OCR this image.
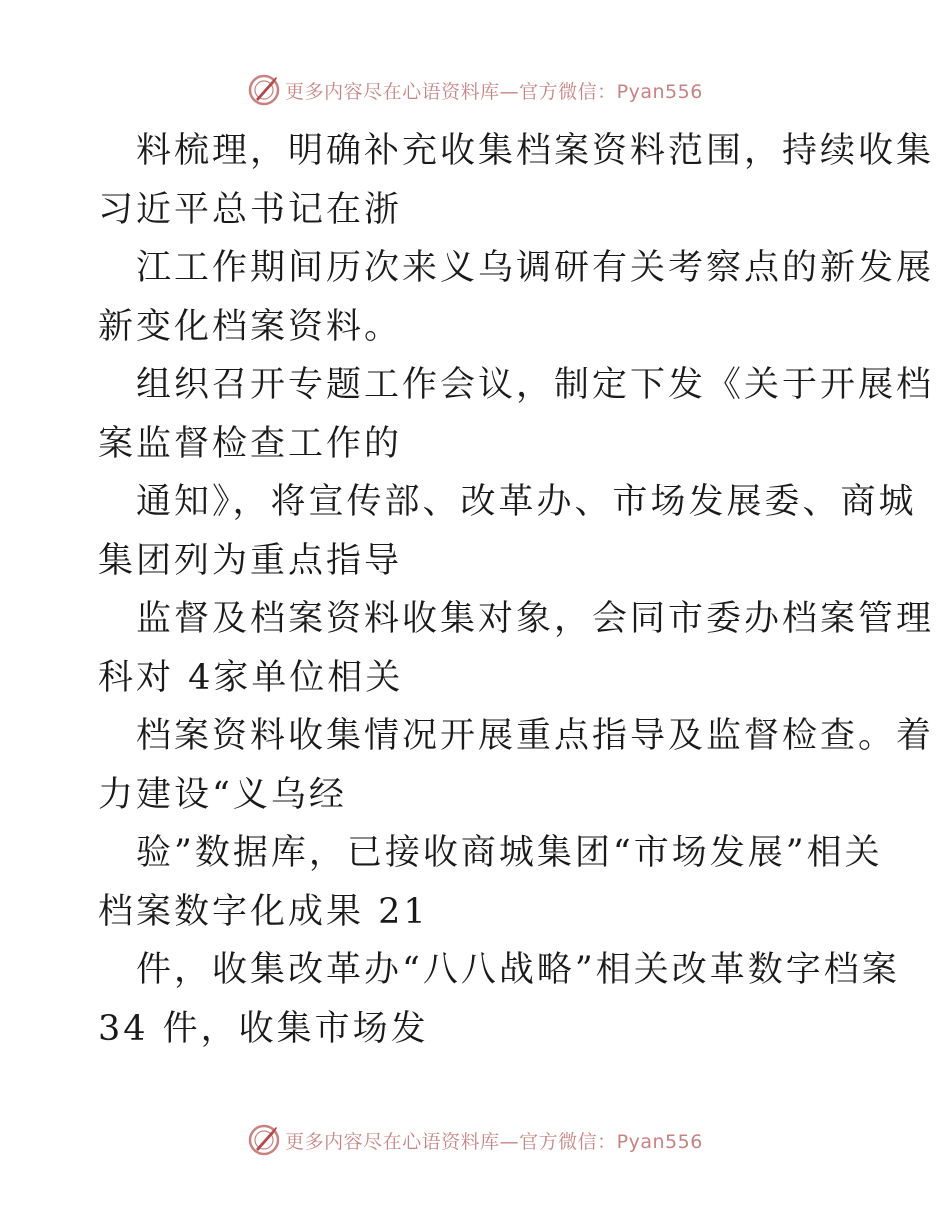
更多内容尽在心语资料库—官方微信：Pyan556
料梳理，明确补充收集档案资料范围，持续收集
习近平总书记在浙
江工作期间历次来义乌调研有关考察点的新发展
新变化档案资料。
组织召开专题工作会议，制定下发《关于开展档
案监督检查工作的
通知》，将宣传部、改革办、市场发展委、商城
集团列为重点指导
监督及档案资料收集对象，会同市委办档案管理
科对 4家单位相关
档案资料收集情况开展重点指导及监督检查。着
力建设“义乌经
验”数据库，已接收商城集团“市场发展”相关
档案数字化成果 21
件，收集改革办“八八战略”相关改革数字档案
34 件，收集市场发
更多内容尽在心语资料库—官方微信：Pyan556
